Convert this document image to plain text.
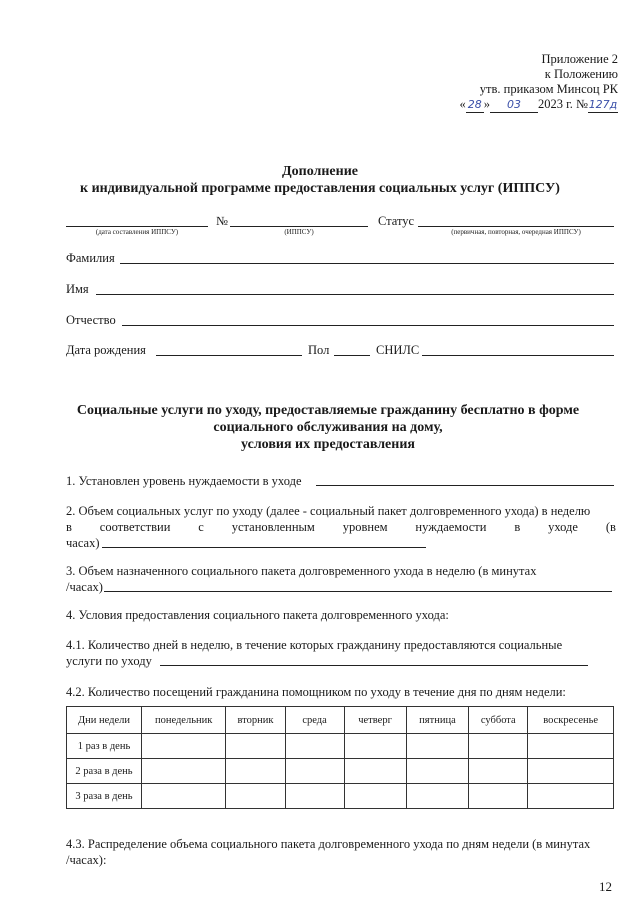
Приложение 2
к Положению
утв. приказом Минсоц РК
« 28 » 03 2023 г. №127д
Дополнение
к индивидуальной программе предоставления социальных услуг (ИППСУ)
(дата составления ИППСУ)
№
(ИППСУ)
Статус
(первичная, повторная, очередная ИППСУ)
Фамилия
Имя
Отчество
Дата рождения	Пол	СНИЛС
Социальные услуги по уходу, предоставляемые гражданину бесплатно в форме
социального обслуживания на дому,
условия их предоставления
1. Установлен уровень нуждаемости в уходе
2. Объем социальных услуг по уходу (далее - социальный пакет долговременного ухода) в неделю
в соответствии с установленным уровнем нуждаемости в уходе (в
часах)
3. Объем назначенного социального пакета долговременного ухода в неделю (в минутах
/часах)
4. Условия предоставления социального пакета долговременного ухода:
4.1. Количество дней в неделю, в течение которых гражданину предоставляются социальные
услуги по уходу
4.2. Количество посещений гражданина помощником по уходу в течение дня по дням недели:
Дни недели	понедельник	вторник	среда	четверг	пятница	суббота	воскресенье
1 раз в день							
2 раза в день							
3 раза в день							
4.3. Распределение объема социального пакета долговременного ухода по дням недели (в минутах
/часах):
12
